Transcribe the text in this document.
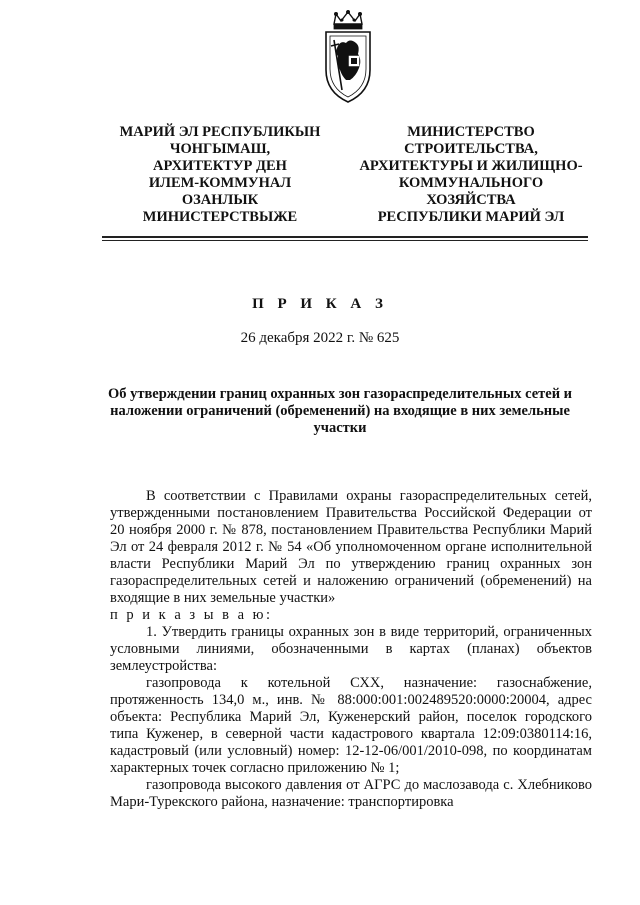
МАРИЙ ЭЛ РЕСПУБЛИКЫН
ЧОНГЫМАШ,
АРХИТЕКТУР ДЕН
ИЛЕМ-КОММУНАЛ
ОЗАНЛЫК
МИНИСТЕРСТВЫЖЕ
МИНИСТЕРСТВО
СТРОИТЕЛЬСТВА,
АРХИТЕКТУРЫ И ЖИЛИЩНО-
КОММУНАЛЬНОГО
ХОЗЯЙСТВА
РЕСПУБЛИКИ МАРИЙ ЭЛ
П Р И К А З
26 декабря 2022 г. № 625
Об утверждении границ охранных зон газораспределительных сетей и наложении ограничений (обременений) на входящие в них земельные участки

В соответствии с Правилами охраны газораспределительных сетей, утвержденными постановлением Правительства Российской Федерации от 20 ноября 2000 г. № 878, постановлением Правительства Республики Марий Эл от 24 февраля 2012 г. № 54 «Об уполномоченном органе исполнительной власти Республики Марий Эл по утверждению границ охранных зон газораспределительных сетей и наложению ограничений (обременений) на входящие в них земельные участки»

п р и к а з ы в а ю:

1. Утвердить границы охранных зон в виде территорий, ограниченных условными линиями, обозначенными в картах (планах) объектов землеустройства:

газопровода к котельной СХХ, назначение: газоснабжение, протяженность 134,0 м., инв. № 88:000:001:002489520:0000:20004, адрес объекта: Республика Марий Эл, Куженерский район, поселок городского типа Куженер, в северной части кадастрового квартала 12:09:0380114:16, кадастровый (или условный) номер: 12-12-06/001/2010-098, по координатам характерных точек согласно приложению № 1;

газопровода высокого давления от АГРС до маслозавода с. Хлебниково Мари-Турекского района, назначение: транспортировка
